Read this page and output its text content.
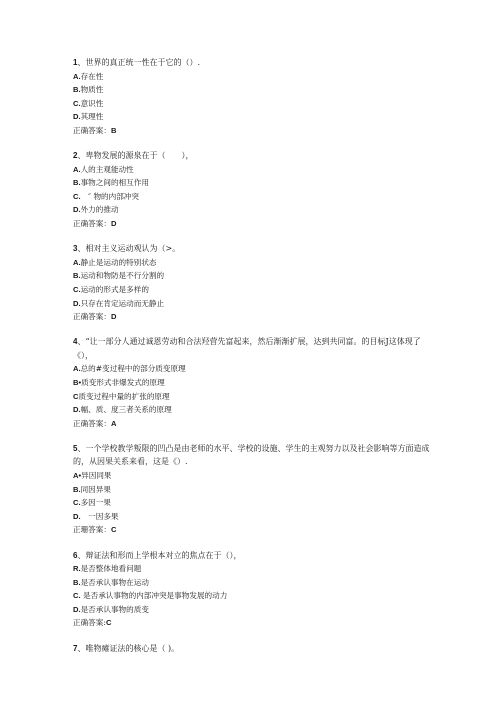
1、世界的真正统一性在于它的（）.
A.存在性
B.物质性
C.意识性
D.其理性
正确答案：B
2、卑物发展的源泉在于（　　），
A.人的主观能动性
B.事物之间的相互作用
C.　″ 物的内部冲突
D.外力的推动
正确答案：D
3、相对主义运动观认为（>。
A.静止是运动的特别状态
B.运动和物防是不行分割的
C.运动的形式是多样的
D.只存在肯定运动而无静止
正确答案：D
4、“让一部分人通过诚恩劳动和合法羟营先富起来，然后渐渐扩展，达到共同富。的目标J这体现了《），
A.总的#变过程中的部分质变原理
B•质变形式非爆发式的原理
C质变过程中量的扩张的原理
D.幅、质、度三者关系的原理
正确答案：A
5、一个学校教学叛限的凹凸是由老师的水平、学校的设施、学生的主观努力以及社会影响等方面造成的，从因果关系来看，这是《）.
A•异因同果
B.同因异果
C.多因一果
D.　一因多果
正珊答案：C
6、辩证法和形而上学根本对立的焦点在于（），
R.是否整体地看问题
B.是否承认事物在运动
C. 是否承认事物的内部冲突是事物发展的动力
D.是否承认事物的质变
正确答案:C
7、唯物瘫证法的核心是（ )。
